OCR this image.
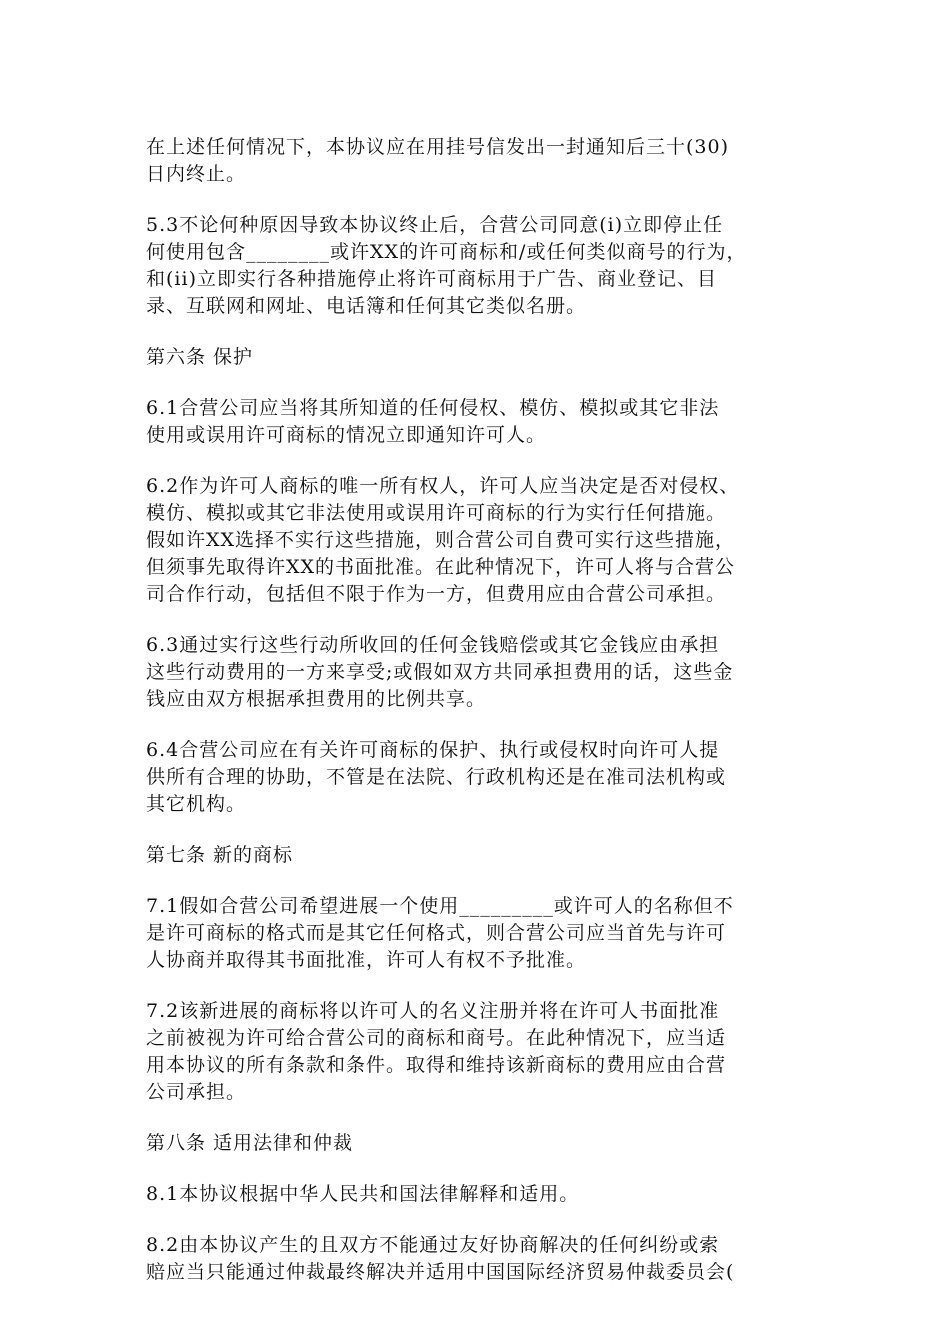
在上述任何情况下，本协议应在用挂号信发出一封通知后三十(30)
日内终止。

5.3不论何种原因导致本协议终止后，合营公司同意(i)立即停止任
何使用包含________或许XX的许可商标和/或任何类似商号的行为，
和(ii)立即实行各种措施停止将许可商标用于广告、商业登记、目
录、互联网和网址、电话簿和任何其它类似名册。

第六条 保护

6.1合营公司应当将其所知道的任何侵权、模仿、模拟或其它非法
使用或误用许可商标的情况立即通知许可人。

6.2作为许可人商标的唯一所有权人，许可人应当决定是否对侵权、
模仿、模拟或其它非法使用或误用许可商标的行为实行任何措施。
假如许XX选择不实行这些措施，则合营公司自费可实行这些措施，
但须事先取得许XX的书面批准。在此种情况下，许可人将与合营公
司合作行动，包括但不限于作为一方，但费用应由合营公司承担。

6.3通过实行这些行动所收回的任何金钱赔偿或其它金钱应由承担
这些行动费用的一方来享受;或假如双方共同承担费用的话，这些金
钱应由双方根据承担费用的比例共享。

6.4合营公司应在有关许可商标的保护、执行或侵权时向许可人提
供所有合理的协助，不管是在法院、行政机构还是在准司法机构或
其它机构。

第七条 新的商标

7.1假如合营公司希望进展一个使用_________或许可人的名称但不
是许可商标的格式而是其它任何格式，则合营公司应当首先与许可
人协商并取得其书面批准，许可人有权不予批准。

7.2该新进展的商标将以许可人的名义注册并将在许可人书面批准
之前被视为许可给合营公司的商标和商号。在此种情况下，应当适
用本协议的所有条款和条件。取得和维持该新商标的费用应由合营
公司承担。

第八条 适用法律和仲裁

8.1本协议根据中华人民共和国法律解释和适用。

8.2由本协议产生的且双方不能通过友好协商解决的任何纠纷或索
赔应当只能通过仲裁最终解决并适用中国国际经济贸易仲裁委员会(
